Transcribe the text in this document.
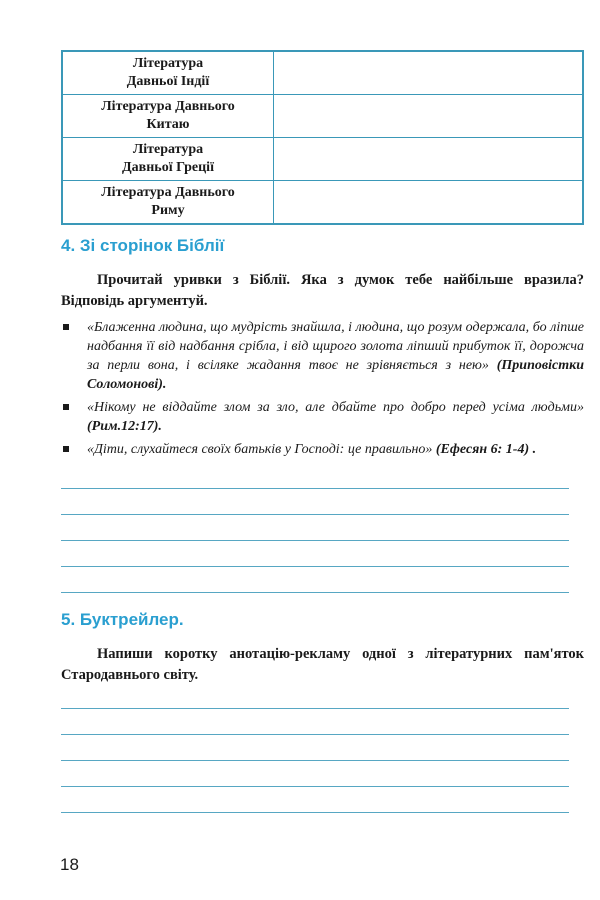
Література
Давньої Індії	

Література Давнього
Китаю	

Література
Давньої Греції	

Література Давнього
Риму	

4. Зі сторінок Біблії
Прочитай уривки з Біблії. Яка з думок тебе найбільше вразила? Відповідь аргументуй.
«Блаженна людина, що мудрість знайшла, і людина, що розум одержала, бо ліпше надбання її від надбання срібла, і від щирого золота ліпший прибуток її, дорожча за перли вона, і всіляке жадання твоє не зрівняється з нею» (Приповістки Соломонові).
«Нікому не віддайте злом за зло, але дбайте про добро перед усіма людьми» (Рим.12:17).
«Діти, слухайтеся своїх батьків у Господі: це правильно» (Ефесян 6: 1-4) .
5. Буктрейлер.
Напиши коротку анотацію-рекламу одної з літературних пам'яток Стародавнього світу.
18
